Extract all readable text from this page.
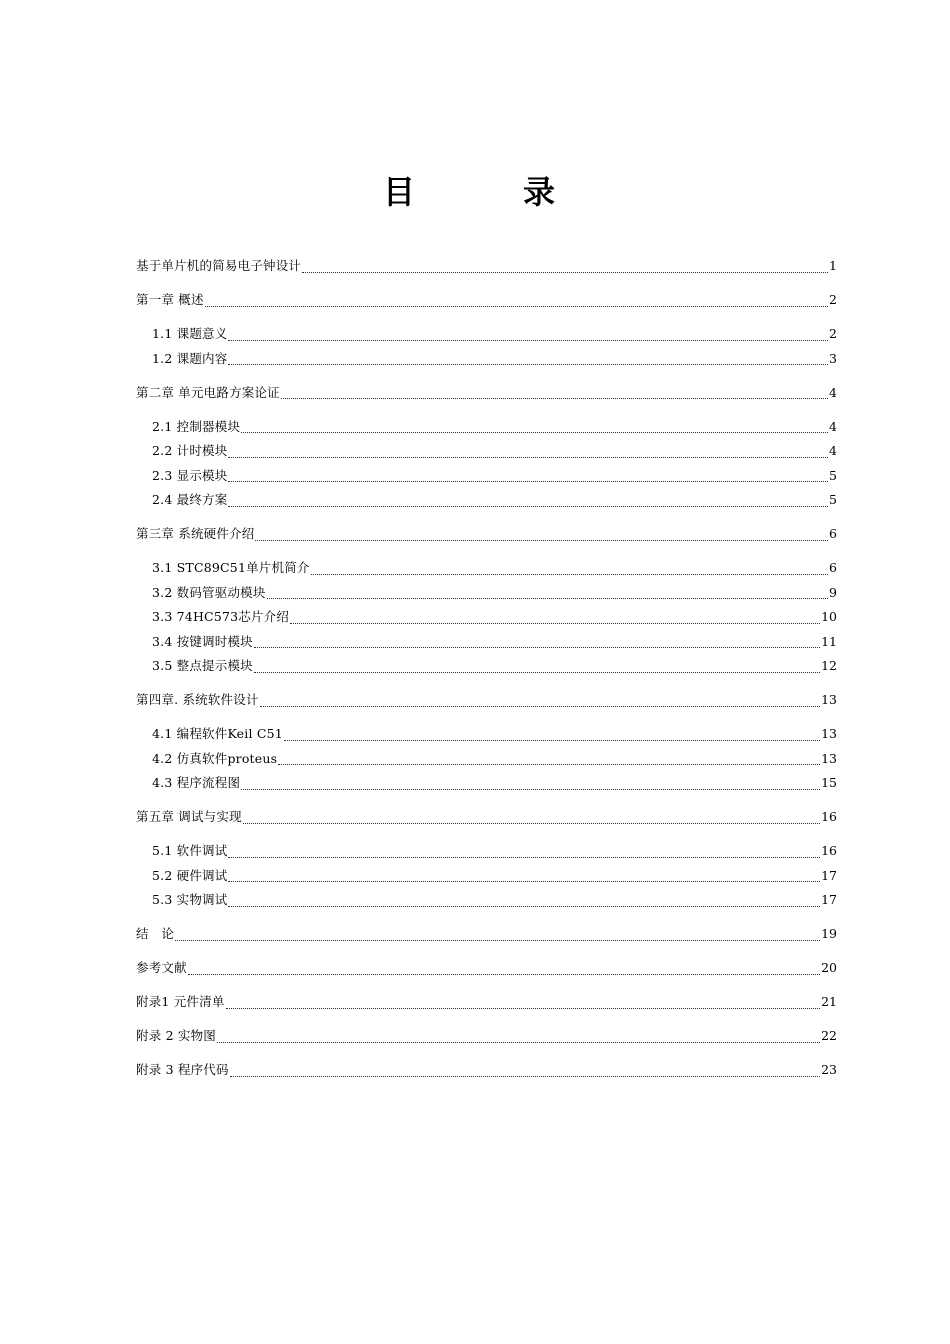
目　录
基于单片机的简易电子钟设计	1
第一章 概述	2
1.1 课题意义	2
1.2 课题内容	3
第二章 单元电路方案论证	4
2.1 控制器模块	4
2.2 计时模块	4
2.3 显示模块	5
2.4 最终方案	5
第三章 系统硬件介绍	6
3.1 STC89C51单片机简介	6
3.2 数码管驱动模块	9
3.3 74HC573芯片介绍	10
3.4 按键调时模块	11
3.5 整点提示模块	12
第四章. 系统软件设计	13
4.1 编程软件Keil C51	13
4.2 仿真软件proteus	13
4.3 程序流程图	15
第五章 调试与实现	16
5.1 软件调试	16
5.2 硬件调试	17
5.3 实物调试	17
结　论	19
参考文献	20
附录1 元件清单	21
附录 2 实物图	22
附录 3 程序代码	23
